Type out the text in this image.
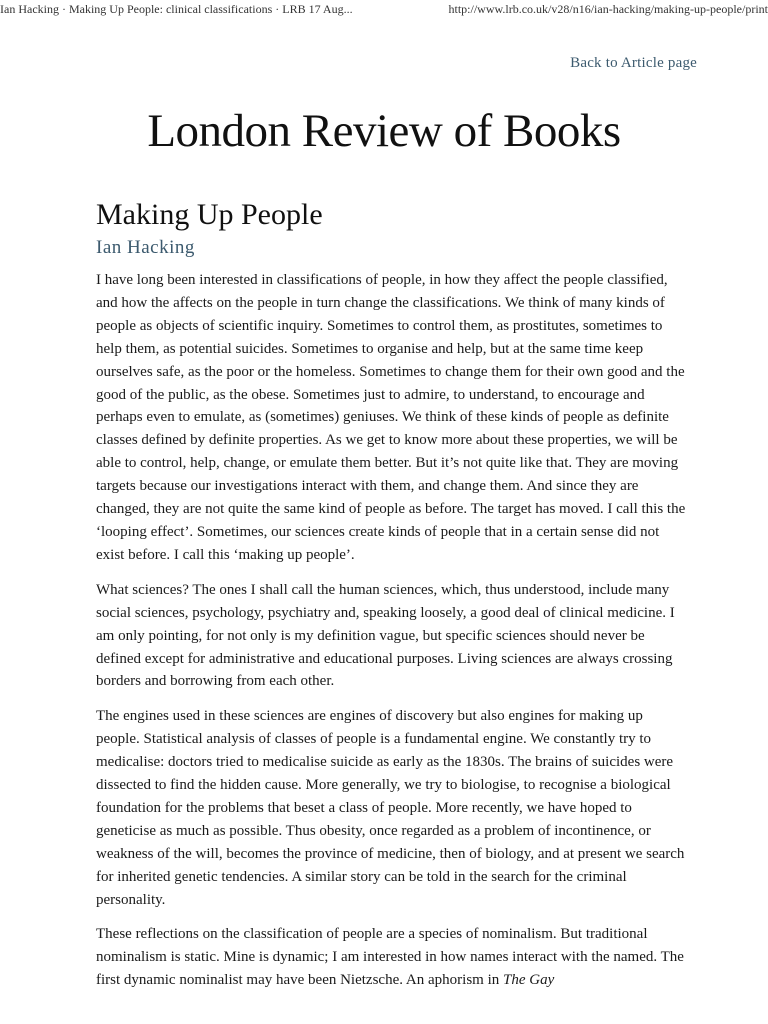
Ian Hacking · Making Up People: clinical classifications · LRB 17 Aug...	http://www.lrb.co.uk/v28/n16/ian-hacking/making-up-people/print
Back to Article page
London Review of Books
Making Up People
Ian Hacking

I have long been interested in classifications of people, in how they affect the people classified, and how the affects on the people in turn change the classifications. We think of many kinds of people as objects of scientific inquiry. Sometimes to control them, as prostitutes, sometimes to help them, as potential suicides. Sometimes to organise and help, but at the same time keep ourselves safe, as the poor or the homeless. Sometimes to change them for their own good and the good of the public, as the obese. Sometimes just to admire, to understand, to encourage and perhaps even to emulate, as (sometimes) geniuses. We think of these kinds of people as definite classes defined by definite properties. As we get to know more about these properties, we will be able to control, help, change, or emulate them better. But it’s not quite like that. They are moving targets because our investigations interact with them, and change them. And since they are changed, they are not quite the same kind of people as before. The target has moved. I call this the ‘looping effect’. Sometimes, our sciences create kinds of people that in a certain sense did not exist before. I call this ‘making up people’.

What sciences? The ones I shall call the human sciences, which, thus understood, include many social sciences, psychology, psychiatry and, speaking loosely, a good deal of clinical medicine. I am only pointing, for not only is my definition vague, but specific sciences should never be defined except for administrative and educational purposes. Living sciences are always crossing borders and borrowing from each other.

The engines used in these sciences are engines of discovery but also engines for making up people. Statistical analysis of classes of people is a fundamental engine. We constantly try to medicalise: doctors tried to medicalise suicide as early as the 1830s. The brains of suicides were dissected to find the hidden cause. More generally, we try to biologise, to recognise a biological foundation for the problems that beset a class of people. More recently, we have hoped to geneticise as much as possible. Thus obesity, once regarded as a problem of incontinence, or weakness of the will, becomes the province of medicine, then of biology, and at present we search for inherited genetic tendencies. A similar story can be told in the search for the criminal personality.

These reflections on the classification of people are a species of nominalism. But traditional nominalism is static. Mine is dynamic; I am interested in how names interact with the named. The first dynamic nominalist may have been Nietzsche. An aphorism in The Gay
